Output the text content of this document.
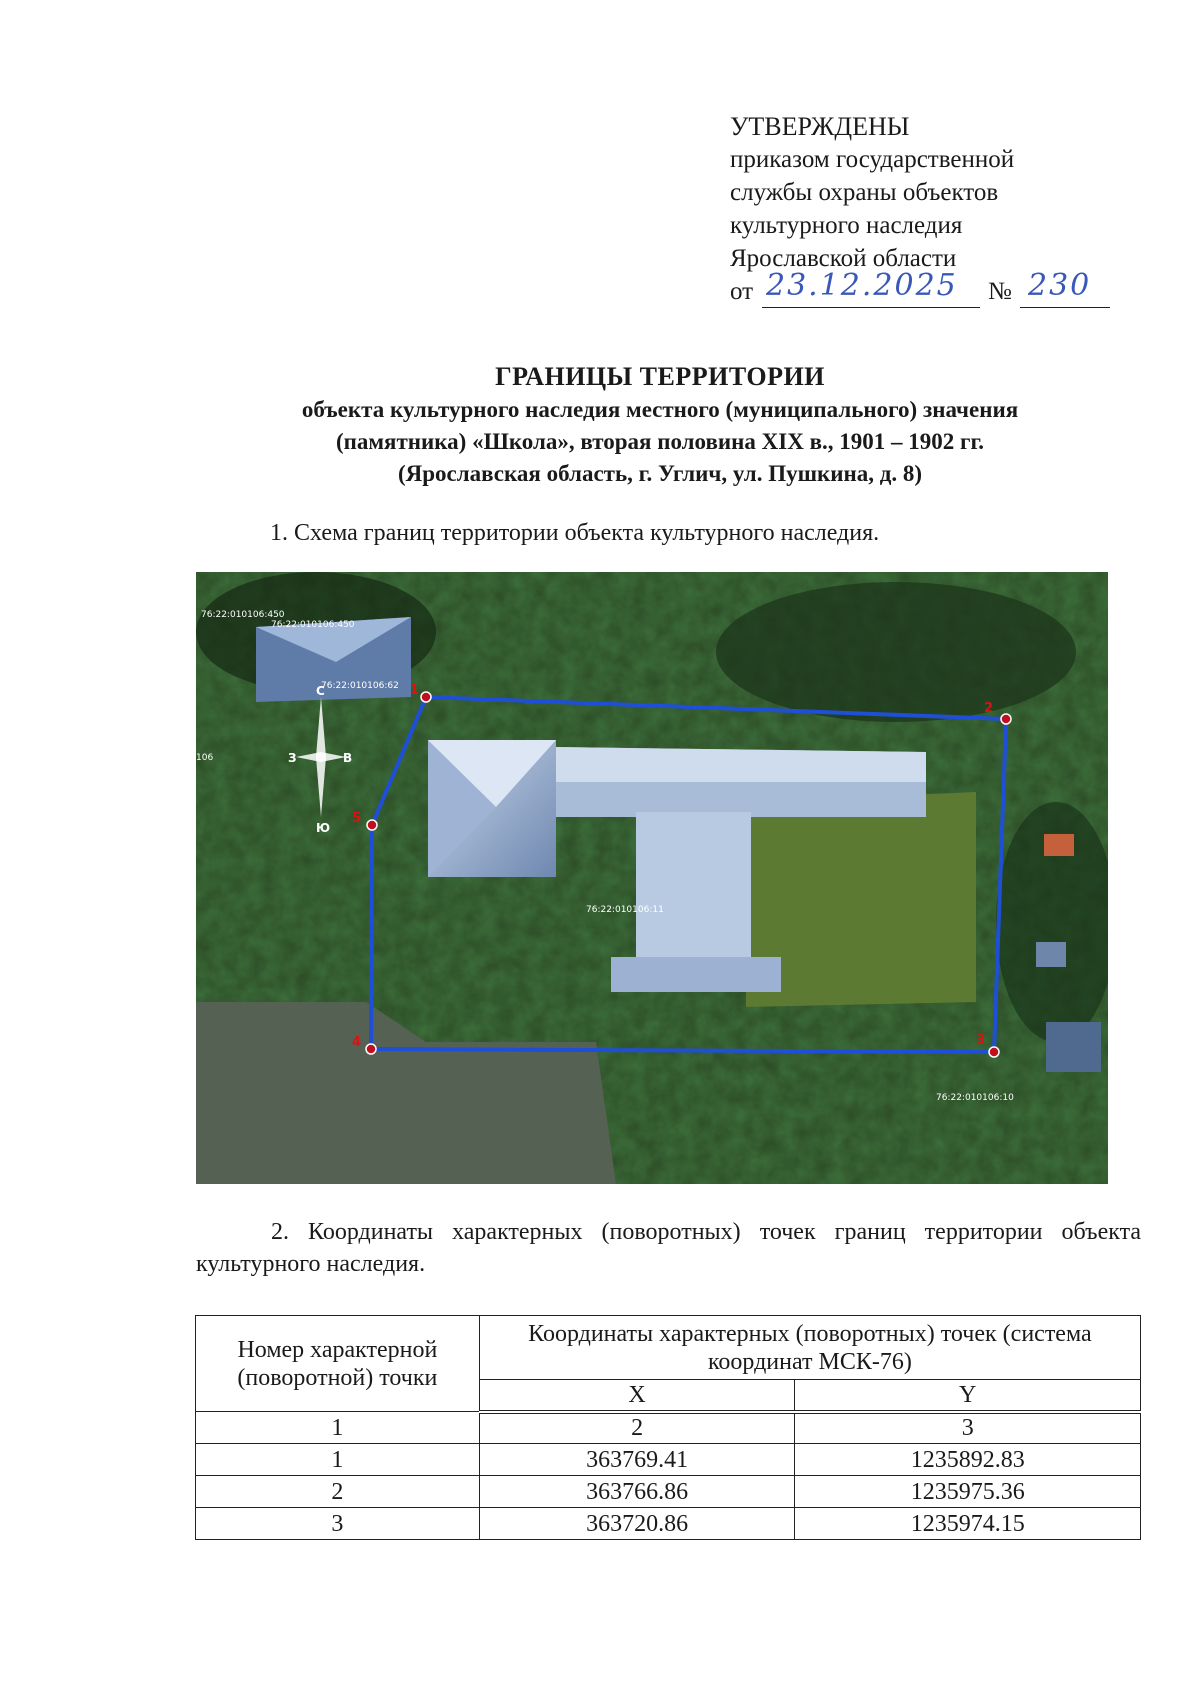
УТВЕРЖДЕНЫ
приказом государственной
службы охраны объектов
культурного наследия
Ярославской области
от 23.12.2025 № 230
ГРАНИЦЫ ТЕРРИТОРИИ
объекта культурного наследия местного (муниципального) значения
(памятника) «Школа», вторая половина XIX в., 1901 – 1902 гг.
(Ярославская область, г. Углич, ул. Пушкина, д. 8)
1. Схема границ территории объекта культурного наследия.
76:22:010106:450
76:22:010106:450
76:22:010106:62
76:22:010106:11
76:22:010106:10
106
С
Ю
З	В
1
2
3
4
5
2. Координаты характерных (поворотных) точек границ территории объекта культурного наследия.
Номер характерной (поворотной) точки	Координаты характерных (поворотных) точек (система координат МСК-76)	
	X	Y
1	2	3
1	363769.41	1235892.83
2	363766.86	1235975.36
3	363720.86	1235974.15
